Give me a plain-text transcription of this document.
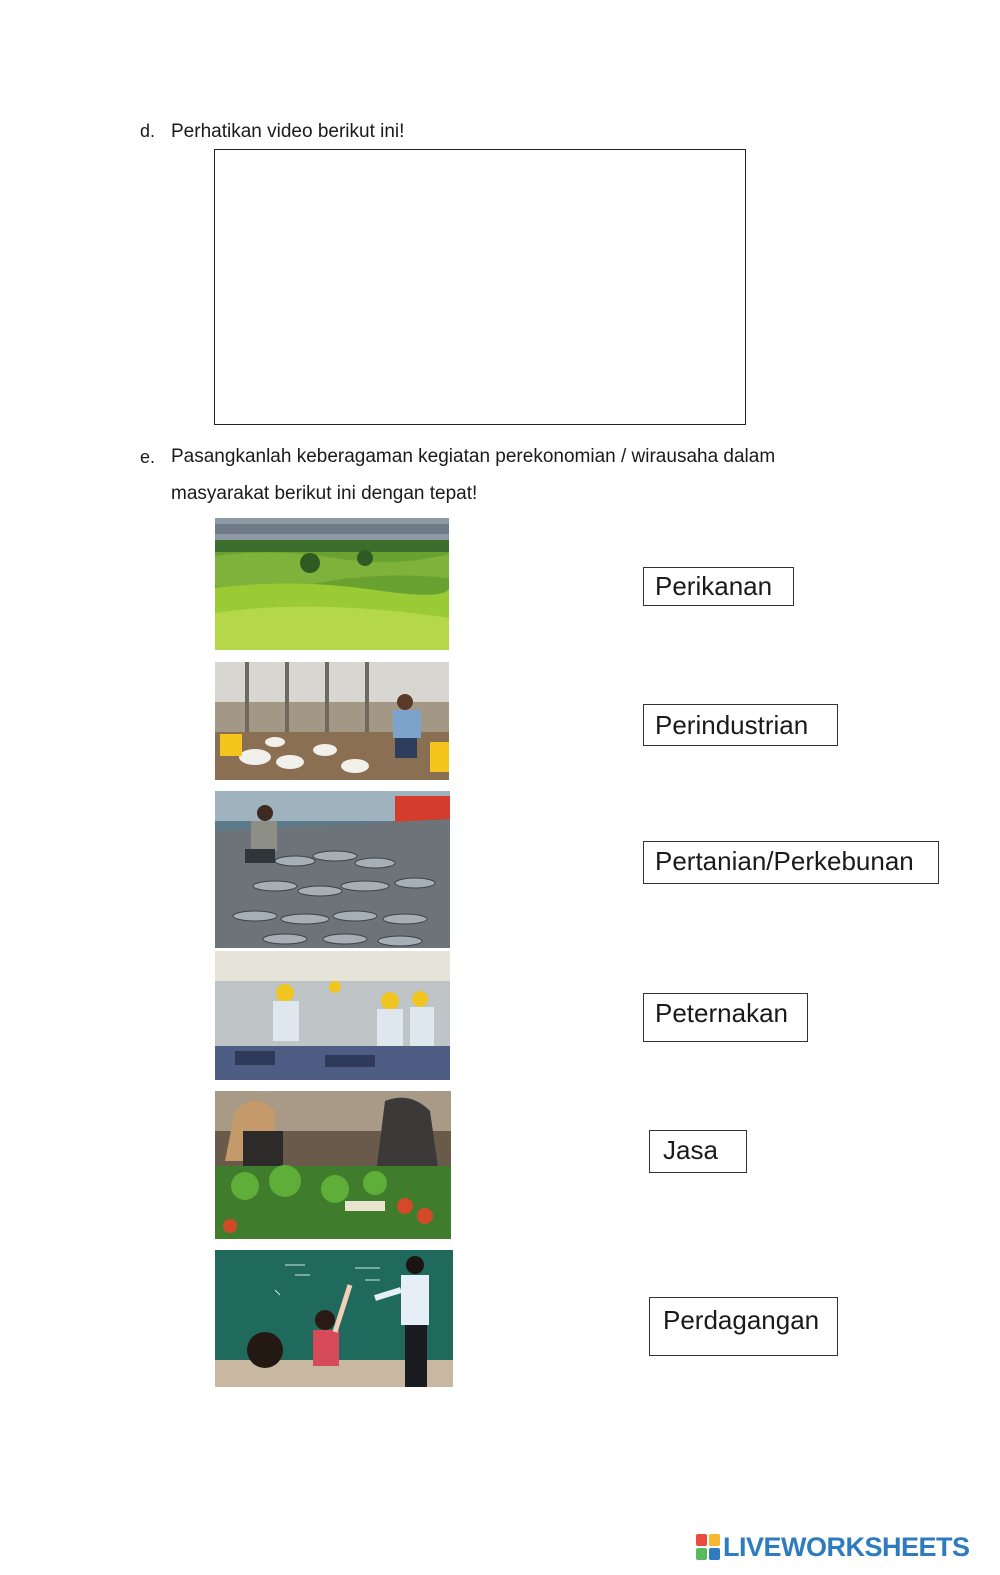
d. Perhatikan video berikut ini!
e. Pasangkanlah keberagaman kegiatan perekonomian / wirausaha dalam
masyarakat berikut ini dengan tepat!
Perikanan
Perindustrian
Pertanian/Perkebunan
Peternakan
Jasa
Perdagangan
LIVEWORKSHEETS
